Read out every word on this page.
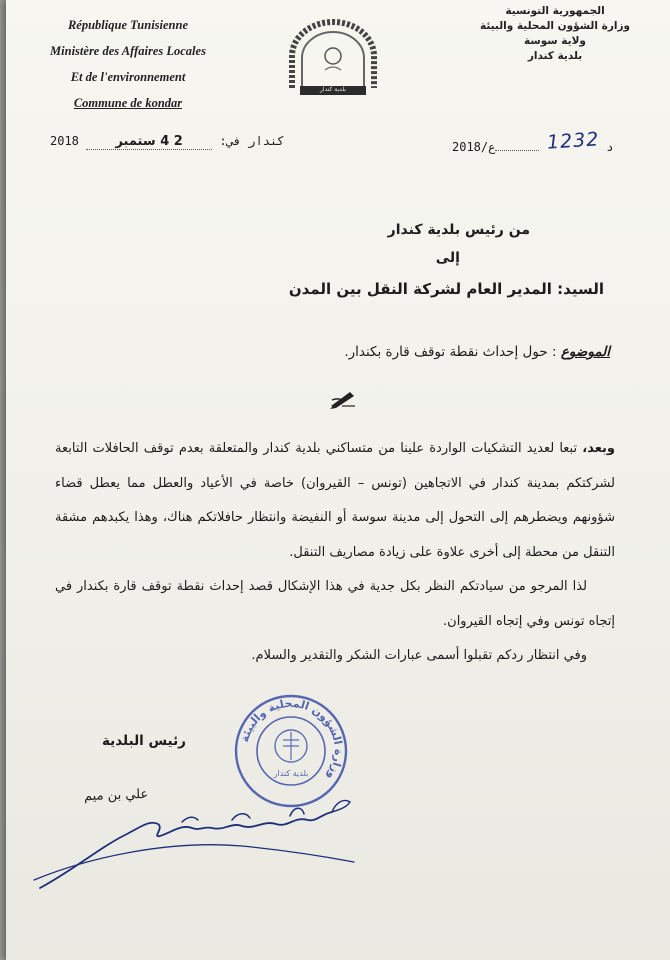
République Tunisienne
Ministère des Affaires Locales
Et de l'environnement
Commune de kondar
بلدية كندار
الجمهورية التونسية
وزارة الشؤون المحلية والبيئة
ولاية سوسة
بلدية كندار
كندار في: 2 4 ستمبر 2018	2018/	د 1232 ع
من رئيس بلدية كندار
إلى
السيد: المدير العام لشركة النقل بين المدن
الموضوع : حول إحداث نقطة توقف قارة بكندار.

وبعد، تبعا لعديد التشكيات الواردة علينا من متساكني بلدية كندار والمتعلقة بعدم توقف الحافلات التابعة لشركتكم بمدينة كندار في الاتجاهين (تونس – القيروان) خاصة في الأعياد والعطل مما يعطل قضاء شؤونهم ويضطرهم إلى التحول إلى مدينة سوسة أو النفيضة وانتظار حافلاتكم هناك، وهذا يكبدهم مشقة التنقل من محطة إلى أخرى علاوة على زيادة مصاريف التنقل.

لذا المرجو من سيادتكم النظر بكل جدية في هذا الإشكال قصد إحداث نقطة توقف قارة بكندار في إتجاه تونس وفي إتجاه القيروان.

وفي انتظار ردكم تقبلوا أسمى عبارات الشكر والتقدير والسلام.

وزارة الشؤون المحلية والبيئة
بلدية كندار
رئيس البلدية
علي بن ميم
